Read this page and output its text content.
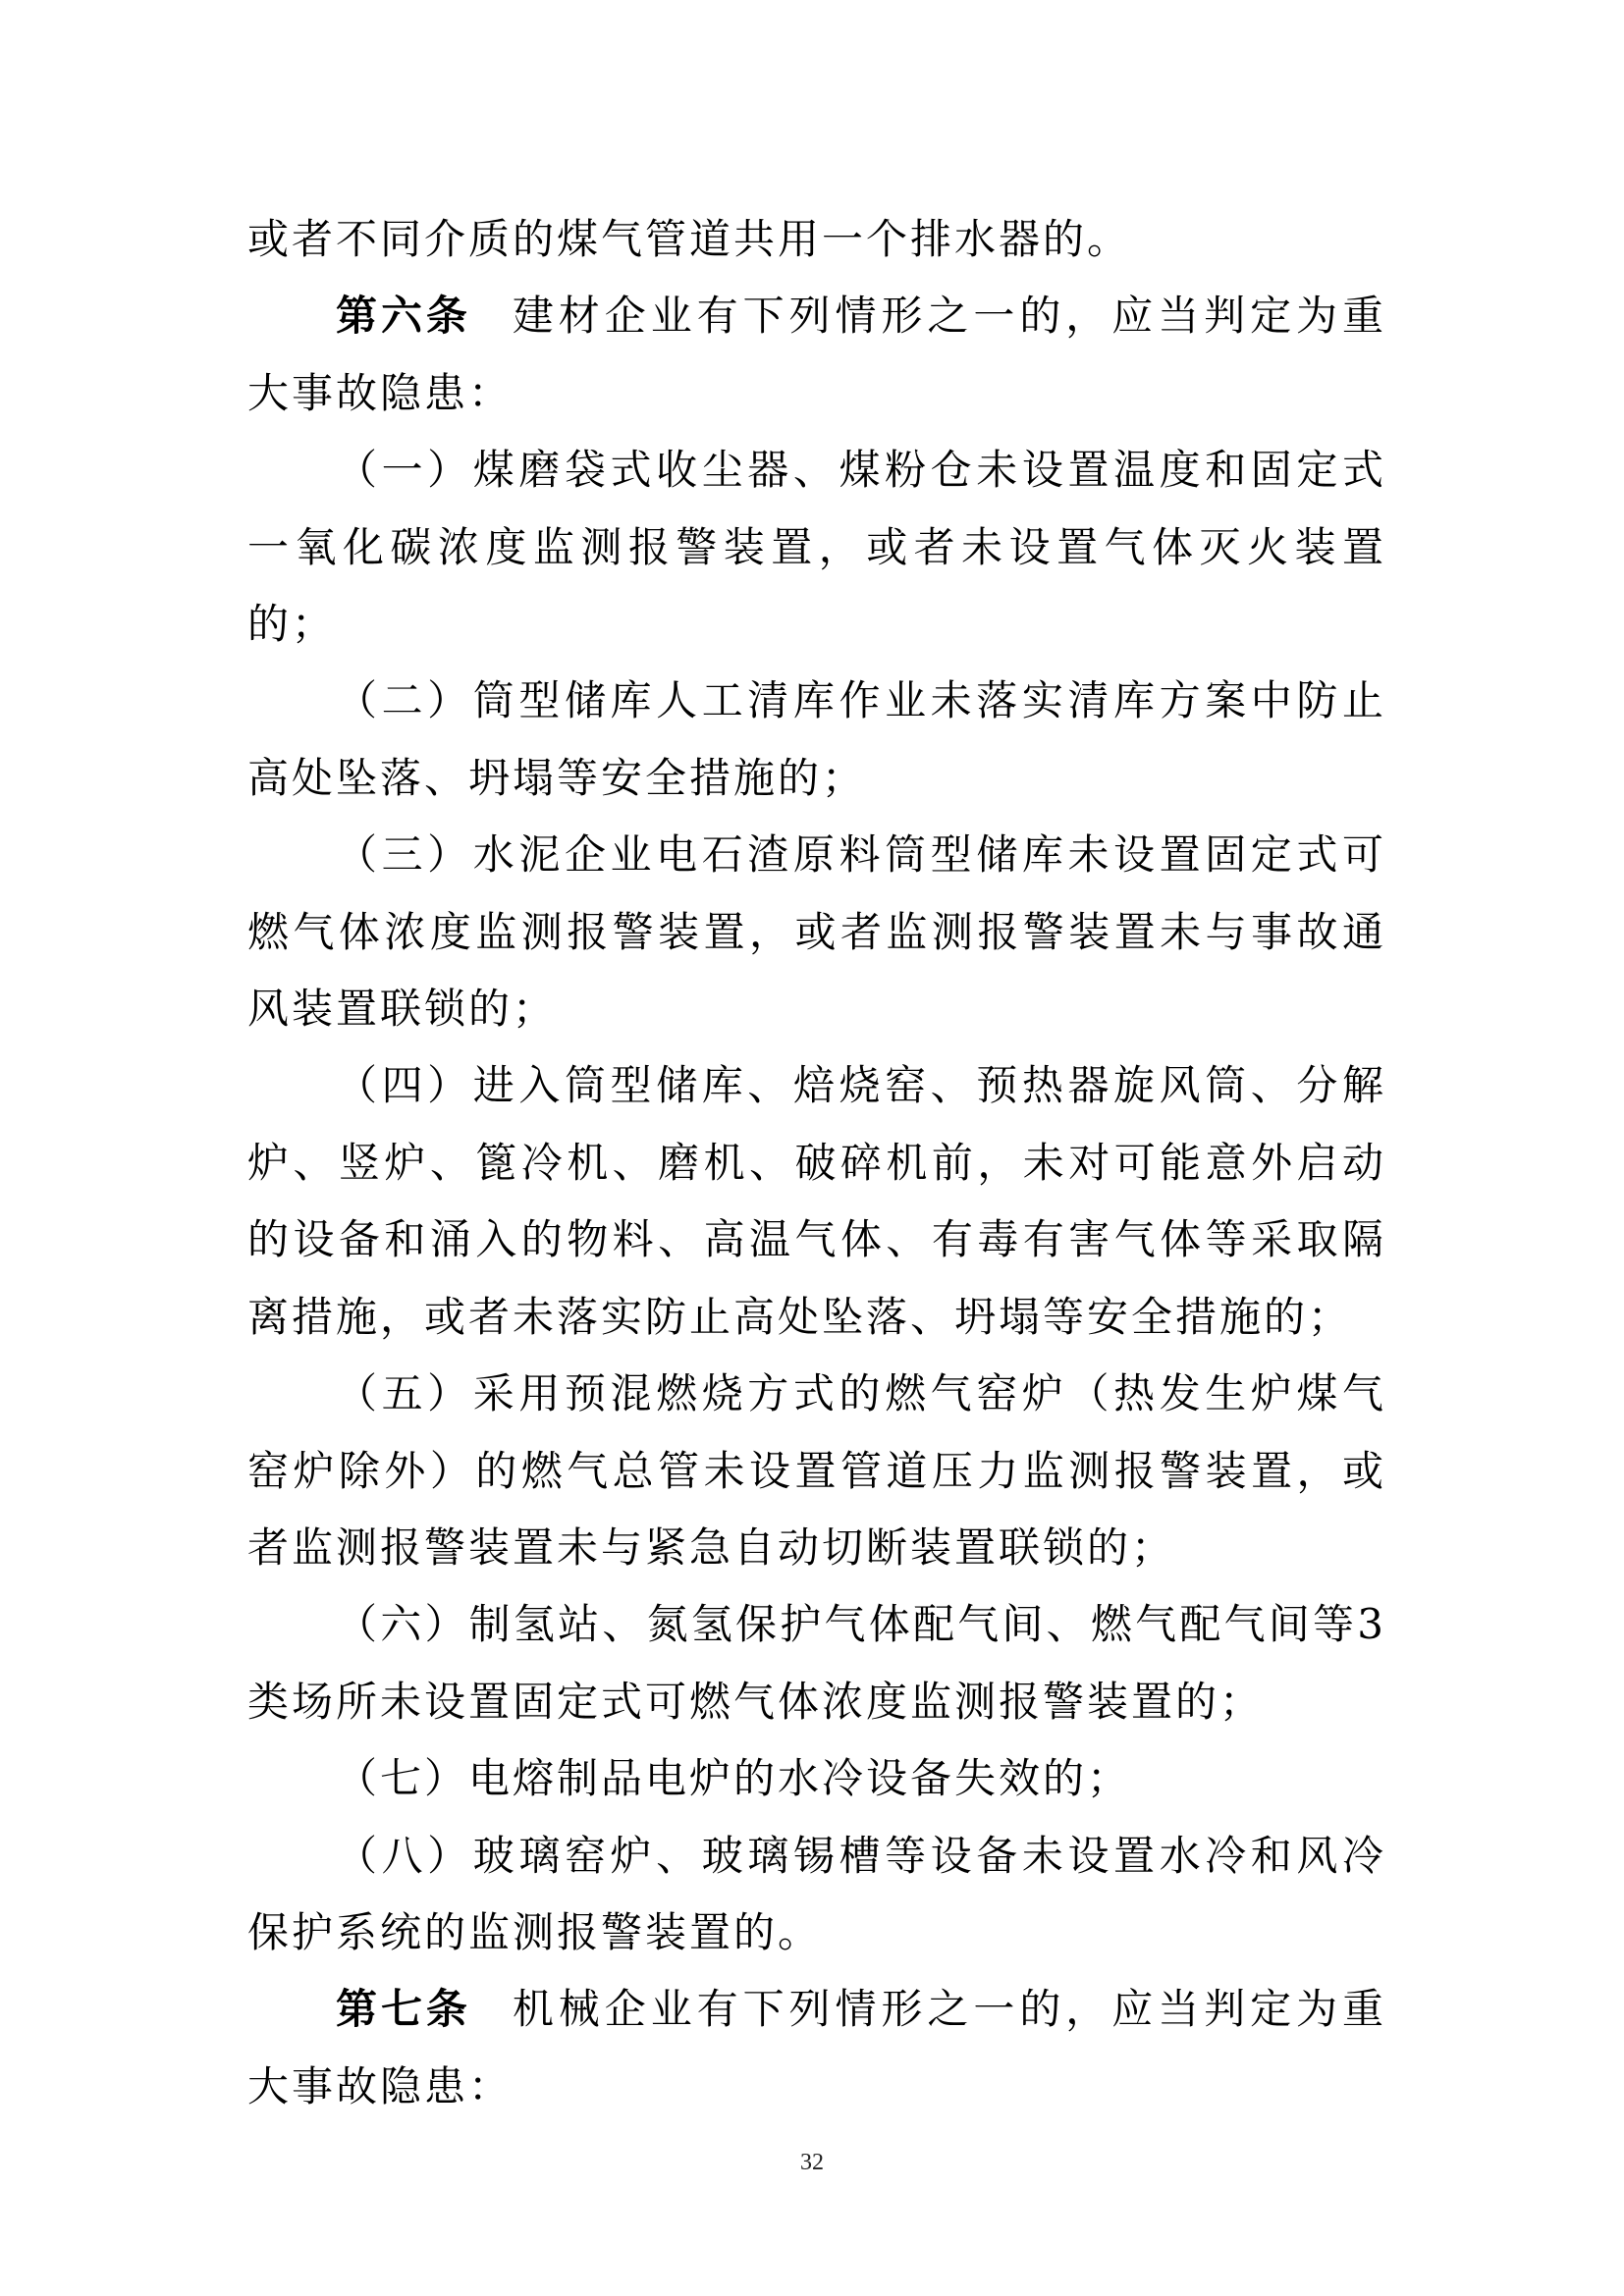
或者不同介质的煤气管道共用一个排水器的。

第六条 建材企业有下列情形之一的，应当判定为重大事故隐患：

（一）煤磨袋式收尘器、煤粉仓未设置温度和固定式一氧化碳浓度监测报警装置，或者未设置气体灭火装置的；

（二）筒型储库人工清库作业未落实清库方案中防止高处坠落、坍塌等安全措施的；

（三）水泥企业电石渣原料筒型储库未设置固定式可燃气体浓度监测报警装置，或者监测报警装置未与事故通风装置联锁的；

（四）进入筒型储库、焙烧窑、预热器旋风筒、分解炉、竖炉、篦冷机、磨机、破碎机前，未对可能意外启动的设备和涌入的物料、高温气体、有毒有害气体等采取隔离措施，或者未落实防止高处坠落、坍塌等安全措施的；

（五）采用预混燃烧方式的燃气窑炉（热发生炉煤气窑炉除外）的燃气总管未设置管道压力监测报警装置，或者监测报警装置未与紧急自动切断装置联锁的；

（六）制氢站、氮氢保护气体配气间、燃气配气间等3类场所未设置固定式可燃气体浓度监测报警装置的；

（七）电熔制品电炉的水冷设备失效的；

（八）玻璃窑炉、玻璃锡槽等设备未设置水冷和风冷保护系统的监测报警装置的。

第七条 机械企业有下列情形之一的，应当判定为重大事故隐患：

32
